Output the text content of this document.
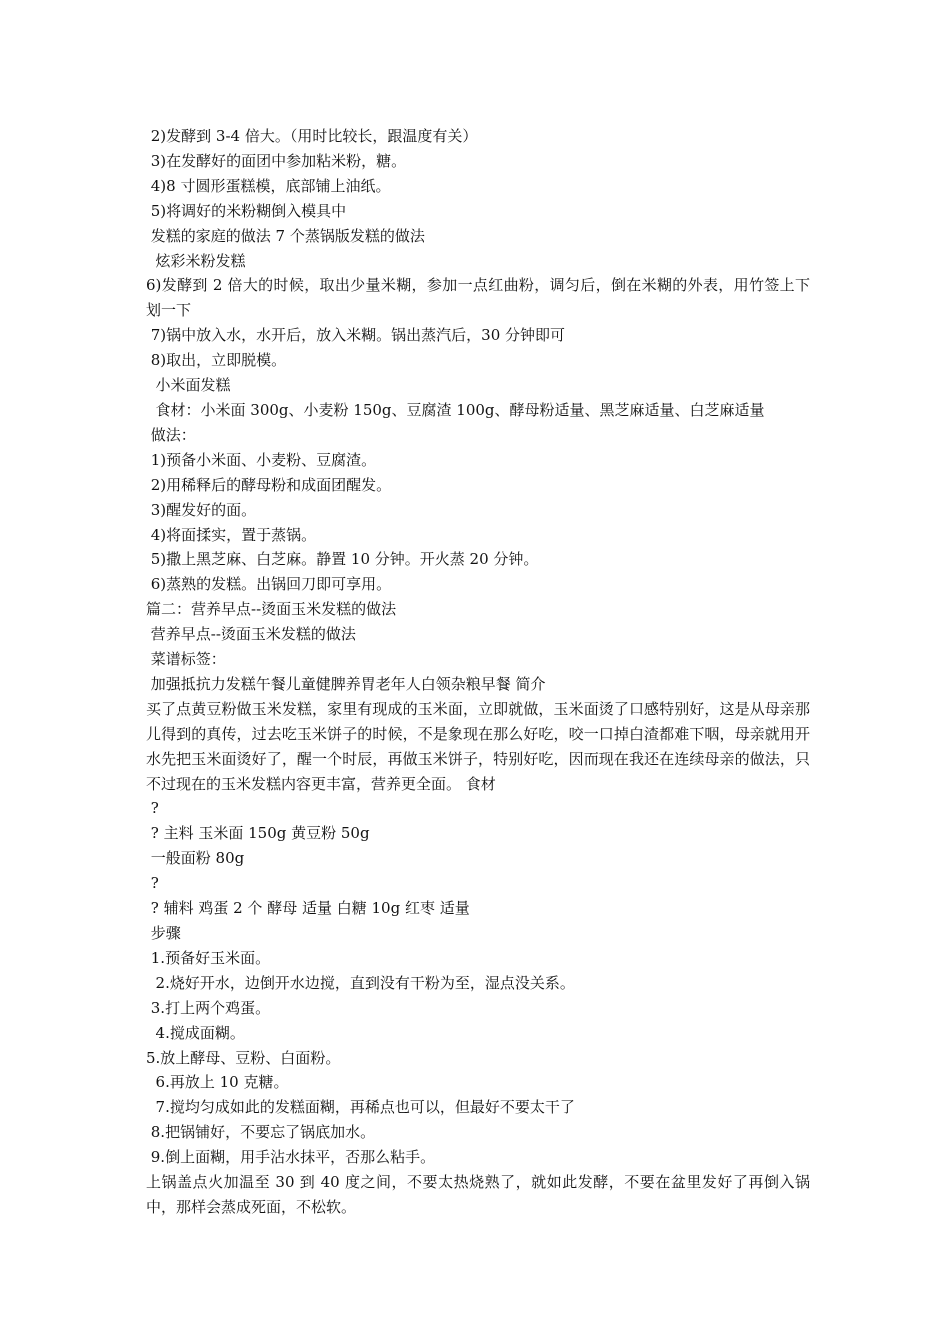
2)发酵到 3-4 倍大。（用时比较长，跟温度有关）

3)在发酵好的面团中参加粘米粉，糖。

4)8 寸圆形蛋糕模，底部铺上油纸。

5)将调好的米粉糊倒入模具中

发糕的家庭的做法 7 个蒸锅版发糕的做法

炫彩米粉发糕

6)发酵到 2 倍大的时候，取出少量米糊，参加一点红曲粉，调匀后，倒在米糊的外表，用竹签上下划一下

7)锅中放入水，水开后，放入米糊。锅出蒸汽后，30 分钟即可

8)取出，立即脱模。

小米面发糕

食材：小米面 300g、小麦粉 150g、豆腐渣 100g、酵母粉适量、黑芝麻适量、白芝麻适量

做法：

1)预备小米面、小麦粉、豆腐渣。

2)用稀释后的酵母粉和成面团醒发。

3)醒发好的面。

4)将面揉实，置于蒸锅。

5)撒上黑芝麻、白芝麻。静置 10 分钟。开火蒸 20 分钟。

6)蒸熟的发糕。出锅回刀即可享用。

篇二：营养早点--烫面玉米发糕的做法

营养早点--烫面玉米发糕的做法

菜谱标签：

加强抵抗力发糕午餐儿童健脾养胃老年人白领杂粮早餐 简介

买了点黄豆粉做玉米发糕，家里有现成的玉米面，立即就做，玉米面烫了口感特别好，这是从母亲那儿得到的真传，过去吃玉米饼子的时候，不是象现在那么好吃，咬一口掉白渣都难下咽，母亲就用开水先把玉米面烫好了，醒一个时辰，再做玉米饼子，特别好吃，因而现在我还在连续母亲的做法，只不过现在的玉米发糕内容更丰富，营养更全面。 食材

?

? 主料 玉米面 150g 黄豆粉 50g

一般面粉 80g

?

? 辅料 鸡蛋 2 个 酵母 适量 白糖 10g 红枣 适量

步骤

1.预备好玉米面。

2.烧好开水，边倒开水边搅，直到没有干粉为至，湿点没关系。

3.打上两个鸡蛋。

4.搅成面糊。

5.放上酵母、豆粉、白面粉。

6.再放上 10 克糖。

7.搅均匀成如此的发糕面糊，再稀点也可以，但最好不要太干了

8.把锅铺好，不要忘了锅底加水。

9.倒上面糊，用手沾水抹平，否那么粘手。

上锅盖点火加温至 30 到 40 度之间，不要太热烧熟了，就如此发酵，不要在盆里发好了再倒入锅中，那样会蒸成死面，不松软。
